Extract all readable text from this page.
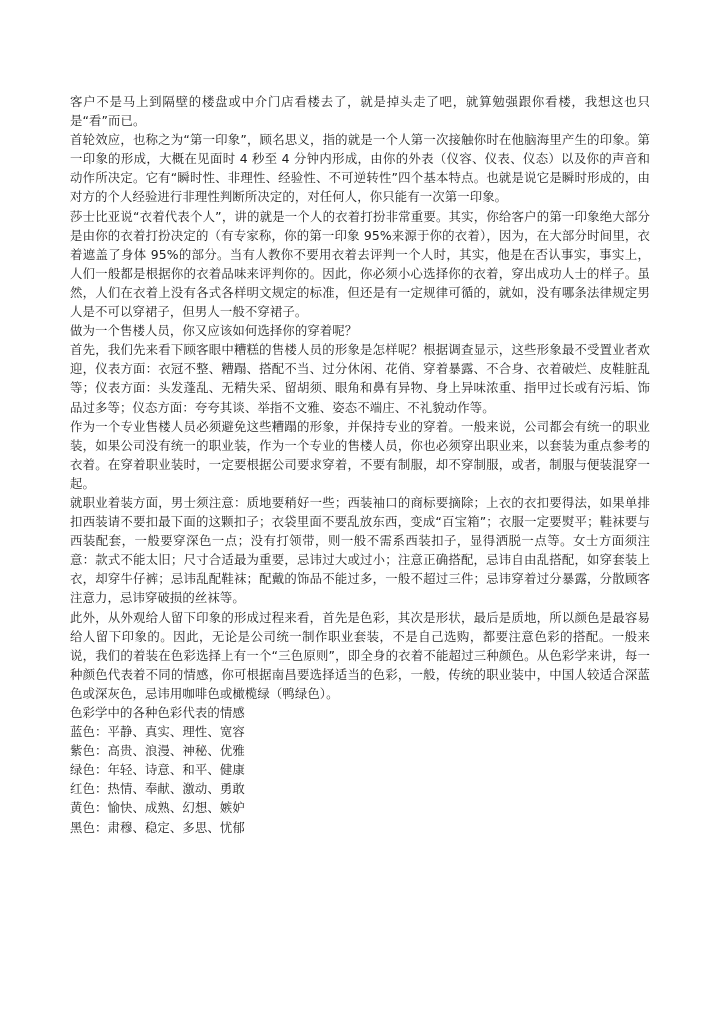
客户不是马上到隔壁的楼盘或中介门店看楼去了，就是掉头走了吧，就算勉强跟你看楼，我想这也只是“看”而已。

首轮效应，也称之为“第一印象”，顾名思义，指的就是一个人第一次接触你时在他脑海里产生的印象。第一印象的形成，大概在见面时 4 秒至 4 分钟内形成，由你的外表（仪容、仪表、仪态）以及你的声音和动作所决定。它有“瞬时性、非理性、经验性、不可逆转性”四个基本特点。也就是说它是瞬时形成的，由对方的个人经验进行非理性判断所决定的，对任何人，你只能有一次第一印象。

莎士比亚说“衣着代表个人”，讲的就是一个人的衣着打扮非常重要。其实，你给客户的第一印象绝大部分是由你的衣着打扮决定的（有专家称，你的第一印象 95%来源于你的衣着），因为，在大部分时间里，衣着遮盖了身体 95%的部分。当有人教你不要用衣着去评判一个人时，其实，他是在否认事实，事实上，人们一般都是根据你的衣着品味来评判你的。因此，你必须小心选择你的衣着，穿出成功人士的样子。虽然，人们在衣着上没有各式各样明文规定的标准，但还是有一定规律可循的，就如，没有哪条法律规定男人是不可以穿裙子，但男人一般不穿裙子。

做为一个售楼人员，你又应该如何选择你的穿着呢？

首先，我们先来看下顾客眼中糟糕的售楼人员的形象是怎样呢？根据调查显示，这些形象最不受置业者欢迎，仪表方面：衣冠不整、糟蹋、搭配不当、过分休闲、花俏、穿着暴露、不合身、衣着破烂、皮鞋脏乱等；仪表方面：头发蓬乱、无精失采、留胡须、眼角和鼻有异物、身上异味浓重、指甲过长或有污垢、饰品过多等；仪态方面：夸夸其谈、举指不文雅、姿态不端庄、不礼貌动作等。

作为一个专业售楼人员必须避免这些糟蹋的形象，并保持专业的穿着。一般来说，公司都会有统一的职业装，如果公司没有统一的职业装，作为一个专业的售楼人员，你也必须穿出职业来，以套装为重点参考的衣着。在穿着职业装时，一定要根据公司要求穿着，不要有制服，却不穿制服，或者，制服与便装混穿一起。

就职业着装方面，男士须注意：质地要稍好一些；西装袖口的商标要摘除；上衣的衣扣要得法，如果单排扣西装请不要扣最下面的这颗扣子；衣袋里面不要乱放东西，变成“百宝箱”；衣服一定要熨平；鞋袜要与西装配套，一般要穿深色一点；没有打领带，则一般不需系西装扣子，显得洒脱一点等。女士方面须注意：款式不能太旧；尺寸合适最为重要，忌讳过大或过小；注意正确搭配，忌讳自由乱搭配，如穿套装上衣，却穿牛仔裤；忌讳乱配鞋袜；配戴的饰品不能过多，一般不超过三件；忌讳穿着过分暴露，分散顾客注意力，忌讳穿破损的丝袜等。

此外，从外观给人留下印象的形成过程来看，首先是色彩，其次是形状，最后是质地，所以颜色是最容易给人留下印象的。因此，无论是公司统一制作职业套装，不是自己选购，都要注意色彩的搭配。一般来说，我们的着装在色彩选择上有一个“三色原则”，即全身的衣着不能超过三种颜色。从色彩学来讲，每一种颜色代表着不同的情感，你可根据南昌要选择适当的色彩，一般，传统的职业装中，中国人较适合深蓝色或深灰色，忌讳用咖啡色或橄榄绿（鸭绿色）。

色彩学中的各种色彩代表的情感

蓝色：平静、真实、理性、宽容
紫色：高贵、浪漫、神秘、优雅
绿色：年轻、诗意、和平、健康
红色：热情、奉献、激动、勇敢
黄色：愉快、成熟、幻想、嫉妒
黑色：肃穆、稳定、多思、忧郁
